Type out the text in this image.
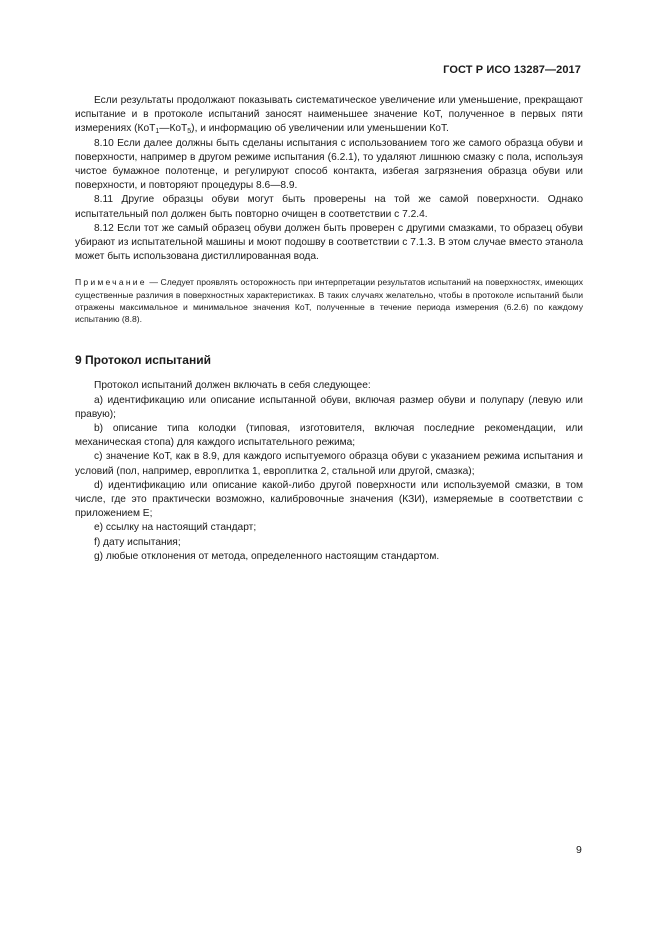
ГОСТ Р ИСО 13287—2017

Если результаты продолжают показывать систематическое увеличение или уменьшение, прекращают испытание и в протоколе испытаний заносят наименьшее значение КоТ, полученное в первых пяти измерениях (КоТ$_1$—КоТ$_5$), и информацию об увеличении или уменьшении КоТ.

8.10 Если далее должны быть сделаны испытания с использованием того же самого образца обуви и поверхности, например в другом режиме испытания (6.2.1), то удаляют лишнюю смазку с пола, используя чистое бумажное полотенце, и регулируют способ контакта, избегая загрязнения образца обуви или поверхности, и повторяют процедуры 8.6—8.9.

8.11 Другие образцы обуви могут быть проверены на той же самой поверхности. Однако испытательный пол должен быть повторно очищен в соответствии с 7.2.4.

8.12 Если тот же самый образец обуви должен быть проверен с другими смазками, то образец обуви убирают из испытательной машины и моют подошву в соответствии с 7.1.3. В этом случае вместо этанола может быть использована дистиллированная вода.

Примечание — Следует проявлять осторожность при интерпретации результатов испытаний на поверхностях, имеющих существенные различия в поверхностных характеристиках. В таких случаях желательно, чтобы в протоколе испытаний были отражены максимальное и минимальное значения КоТ, полученные в течение периода измерения (6.2.6) по каждому испытанию (8.8).

9 Протокол испытаний

Протокол испытаний должен включать в себя следующее:

a) идентификацию или описание испытанной обуви, включая размер обуви и полупару (левую или правую);

b) описание типа колодки (типовая, изготовителя, включая последние рекомендации, или механическая стопа) для каждого испытательного режима;

c) значение КоТ, как в 8.9, для каждого испытуемого образца обуви с указанием режима испытания и условий (пол, например, европлитка 1, европлитка 2, стальной или другой, смазка);

d) идентификацию или описание какой-либо другой поверхности или используемой смазки, в том числе, где это практически возможно, калибровочные значения (КЗИ), измеряемые в соответствии с приложением Е;

e) ссылку на настоящий стандарт;

f) дату испытания;

g) любые отклонения от метода, определенного настоящим стандартом.

9
